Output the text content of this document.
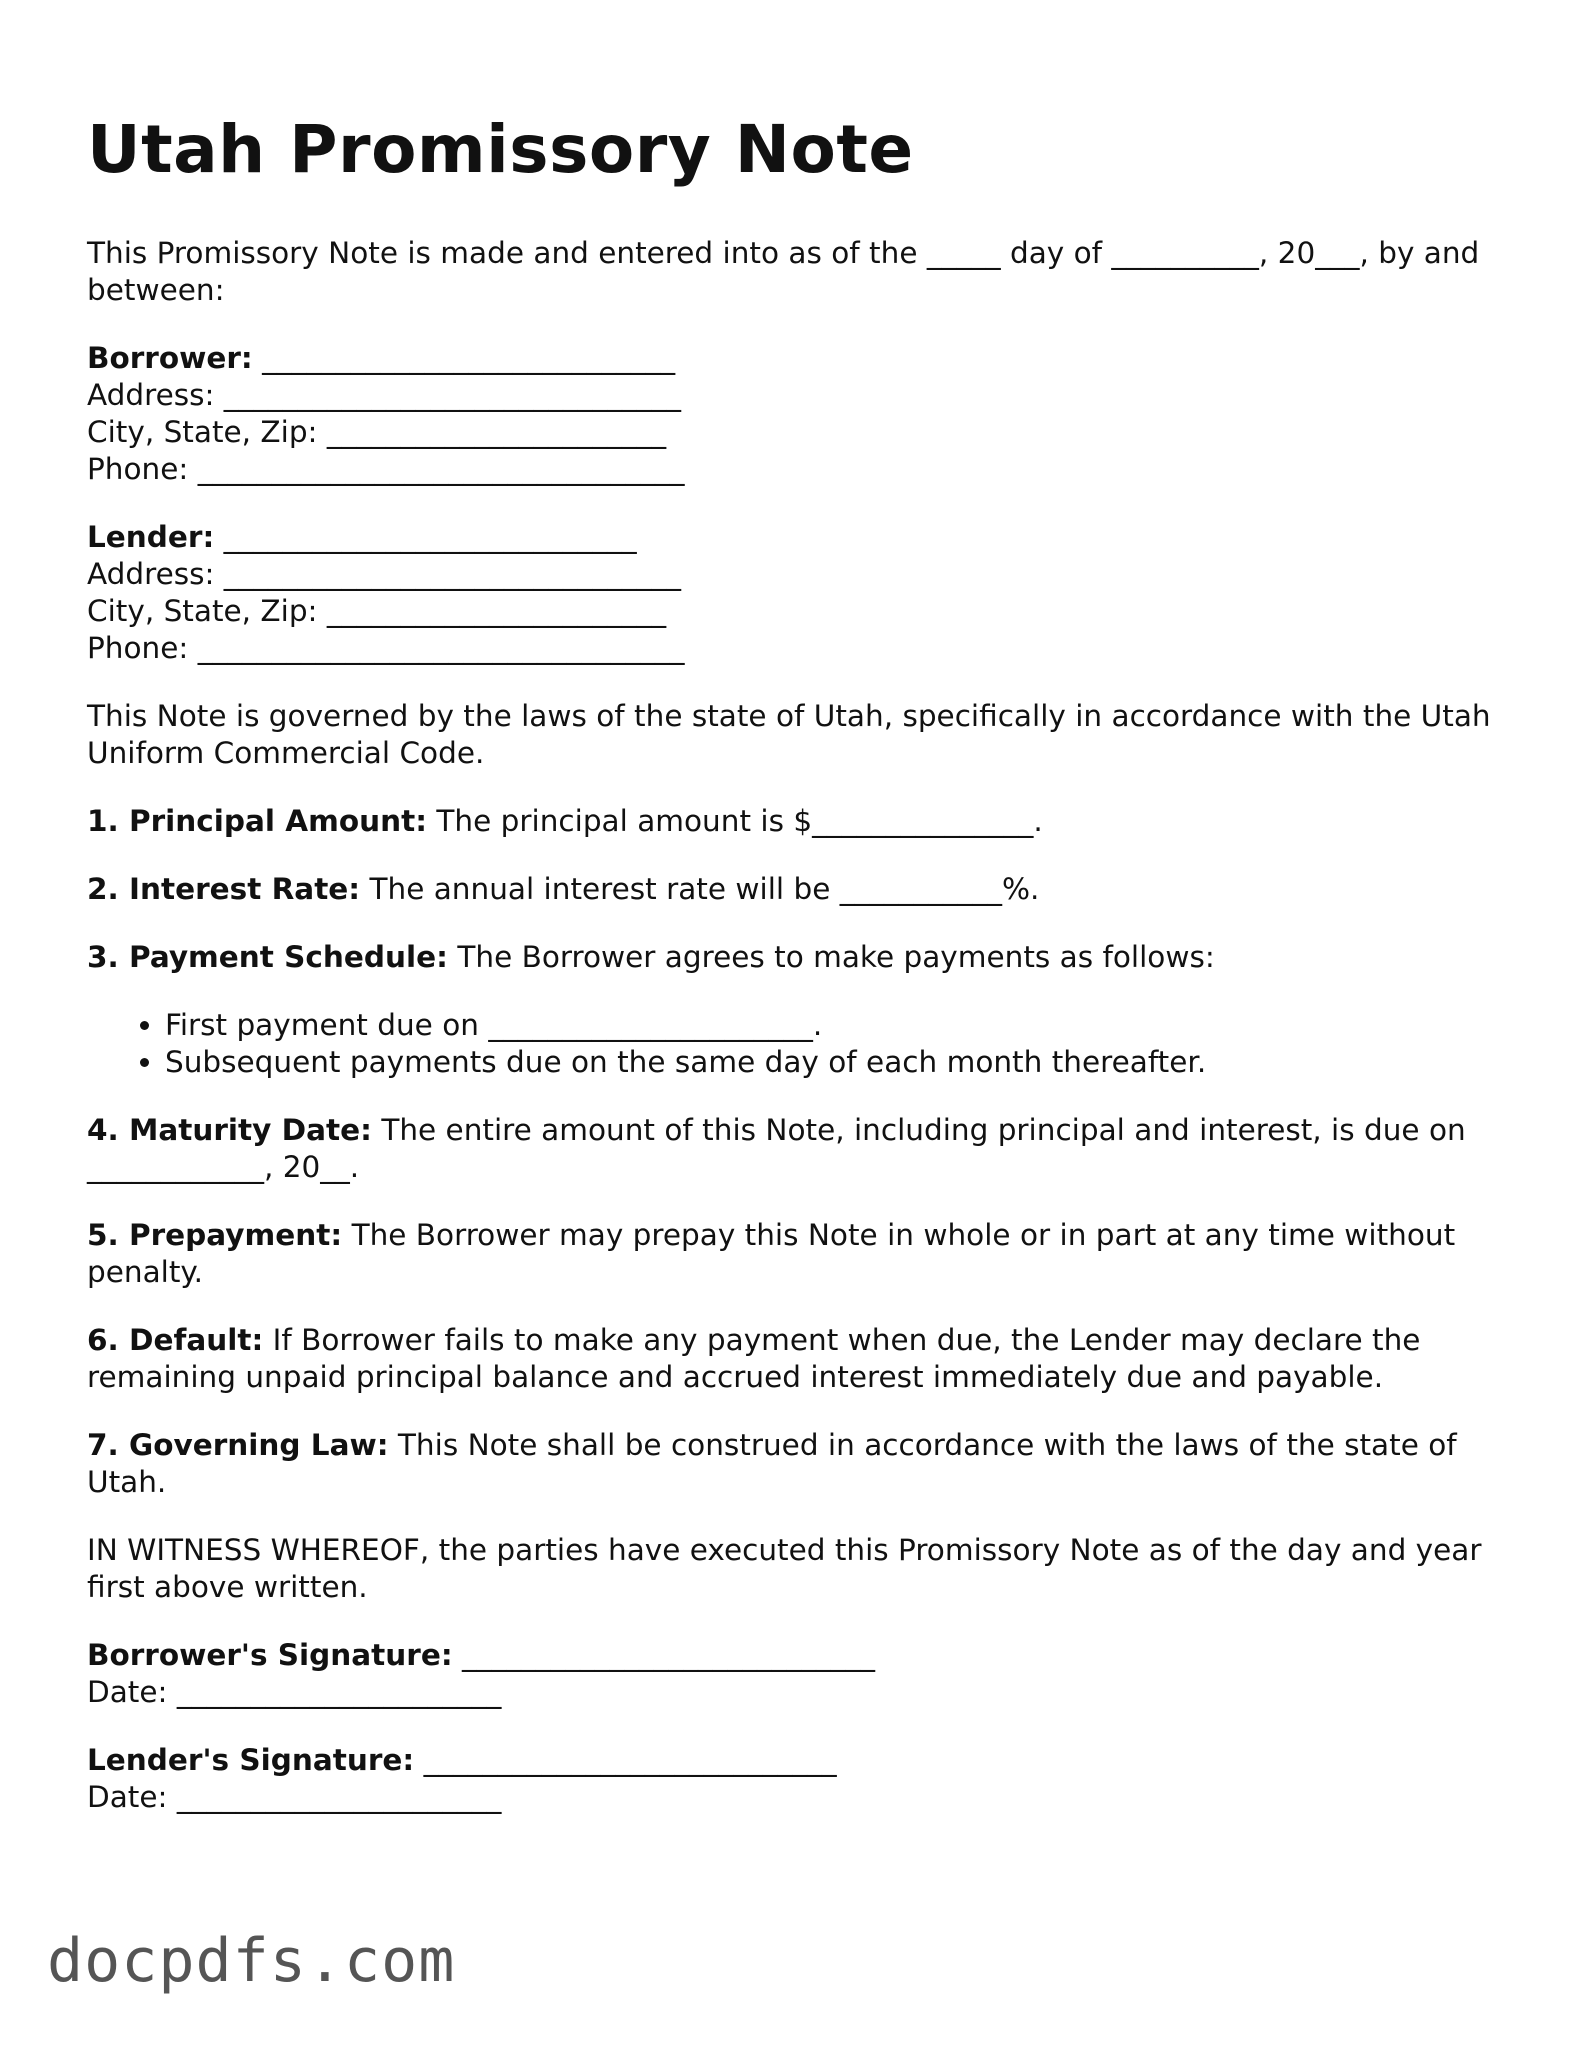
Utah Promissory Note

This Promissory Note is made and entered into as of the _____ day of __________, 20___, by and between:

Borrower: ____________________________
Address: _______________________________
City, State, Zip: _______________________
Phone: _________________________________
Lender: ____________________________
Address: _______________________________
City, State, Zip: _______________________
Phone: _________________________________

This Note is governed by the laws of the state of Utah, specifically in accordance with the Utah Uniform Commercial Code.

1. Principal Amount: The principal amount is $_______________.

2. Interest Rate: The annual interest rate will be ___________%.

3. Payment Schedule: The Borrower agrees to make payments as follows:

• First payment due on ______________________.
• Subsequent payments due on the same day of each month thereafter.

4. Maturity Date: The entire amount of this Note, including principal and interest, is due on ____________, 20__.

5. Prepayment: The Borrower may prepay this Note in whole or in part at any time without penalty.

6. Default: If Borrower fails to make any payment when due, the Lender may declare the remaining unpaid principal balance and accrued interest immediately due and payable.

7. Governing Law: This Note shall be construed in accordance with the laws of the state of Utah.

IN WITNESS WHEREOF, the parties have executed this Promissory Note as of the day and year first above written.

Borrower's Signature: ____________________________
Date: ______________________
Lender's Signature: ____________________________
Date: ______________________
docpdfs.com
